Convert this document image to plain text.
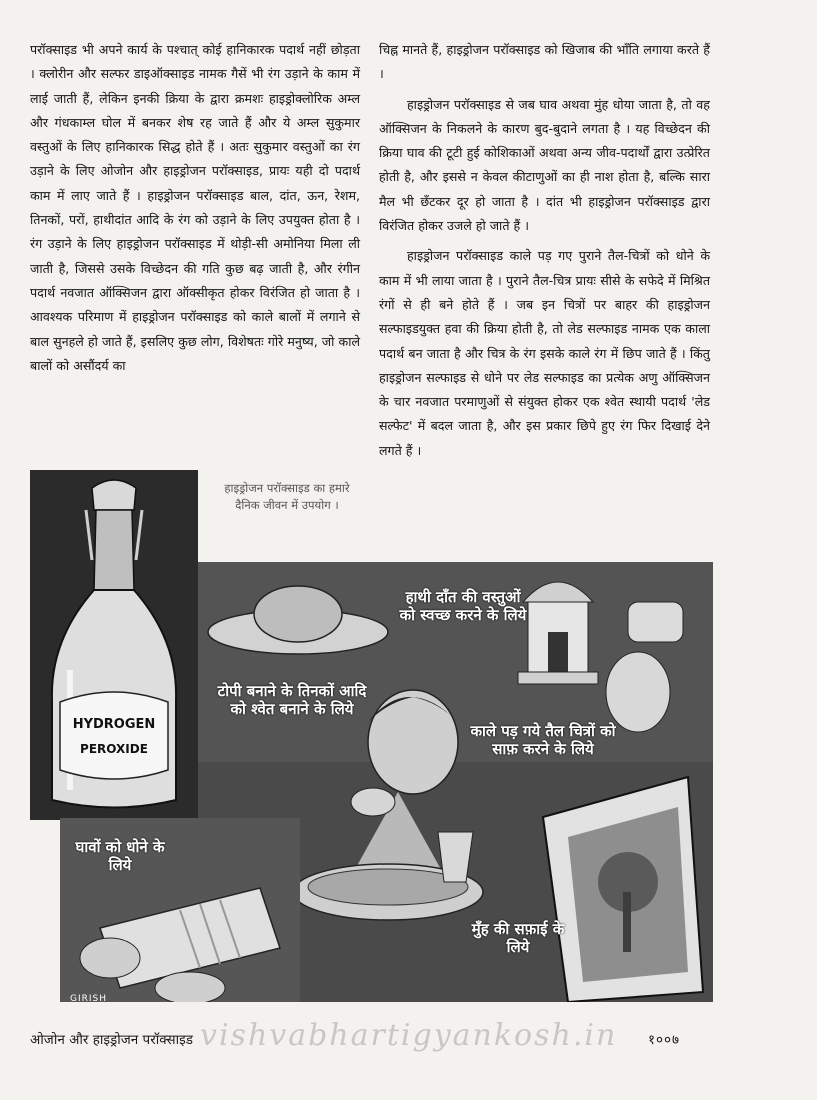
परॉक्साइड भी अपने कार्य के पश्चात् कोई हानिकारक पदार्थ नहीं छोड़ता । क्लोरीन और सल्फर डाइऑक्साइड नामक गैसें भी रंग उड़ाने के काम में लाई जाती हैं, लेकिन इनकी क्रिया के द्वारा क्रमशः हाइड्रोक्लोरिक अम्ल और गंधकाम्ल घोल में बनकर शेष रह जाते हैं और ये अम्ल सुकुमार वस्तुओं के लिए हानिकारक सिद्ध होते हैं । अतः सुकुमार वस्तुओं का रंग उड़ाने के लिए ओजोन और हाइड्रोजन परॉक्साइड, प्रायः यही दो पदार्थ काम में लाए जाते हैं । हाइड्रोजन परॉक्साइड बाल, दांत, ऊन, रेशम, तिनकों, परों, हाथीदांत आदि के रंग को उड़ाने के लिए उपयुक्त होता है । रंग उड़ाने के लिए हाइड्रोजन परॉक्साइड में थोड़ी-सी अमोनिया मिला ली जाती है, जिससे उसके विच्छेदन की गति कुछ बढ़ जाती है, और रंगीन पदार्थ नवजात ऑक्सिजन द्वारा ऑक्सीकृत होकर विरंजित हो जाता है । आवश्यक परिमाण में हाइड्रोजन परॉक्साइड को काले बालों में लगाने से बाल सुनहले हो जाते हैं, इसलिए कुछ लोग, विशेषतः गोरे मनुष्य, जो काले बालों को असौंदर्य का

चिह्न मानते हैं, हाइड्रोजन परॉक्साइड को खिजाब की भाँति लगाया करते हैं ।

हाइड्रोजन परॉक्साइड से जब घाव अथवा मुंह धोया जाता है, तो वह ऑक्सिजन के निकलने के कारण बुद-बुदाने लगता है । यह विच्छेदन की क्रिया घाव की टूटी हुई कोशिकाओं अथवा अन्य जीव-पदार्थों द्वारा उत्प्रेरित होती है, और इससे न केवल कीटाणुओं का ही नाश होता है, बल्कि सारा मैल भी छँटकर दूर हो जाता है । दांत भी हाइड्रोजन परॉक्साइड द्वारा विरंजित होकर उजले हो जाते हैं ।

हाइड्रोजन परॉक्साइड काले पड़ गए पुराने तैल-चित्रों को धोने के काम में भी लाया जाता है । पुराने तैल-चित्र प्रायः सीसे के सफेदे में मिश्रित रंगों से ही बने होते हैं । जब इन चित्रों पर बाहर की हाइड्रोजन सल्फाइडयुक्त हवा की क्रिया होती है, तो लेड सल्फाइड नामक एक काला पदार्थ बन जाता है और चित्र के रंग इसके काले रंग में छिप जाते हैं । किंतु हाइड्रोजन सल्फाइड से धोने पर लेड सल्फाइड का प्रत्येक अणु ऑक्सिजन के चार नवजात परमाणुओं से संयुक्त होकर एक श्वेत स्थायी पदार्थ 'लेड सल्फेट' में बदल जाता है, और इस प्रकार छिपे हुए रंग फिर दिखाई देने लगते हैं ।

हाइड्रोजन परॉक्साइड का हमारे दैनिक जीवन में उपयोग ।
HYDROGEN
PEROXIDE
हाथी दाँत की वस्तुओं को स्वच्छ करने के लिये
टोपी बनाने के तिनकों आदि को श्वेत बनाने के लिये
काले पड़ गये तैल चित्रों को साफ़ करने के लिये
मुँह की सफ़ाई के लिये
घावों को धोने के लिये
GIRISH
ओजोन और हाइड्रोजन परॉक्साइड vishvabhartigyankosh.in १००७
